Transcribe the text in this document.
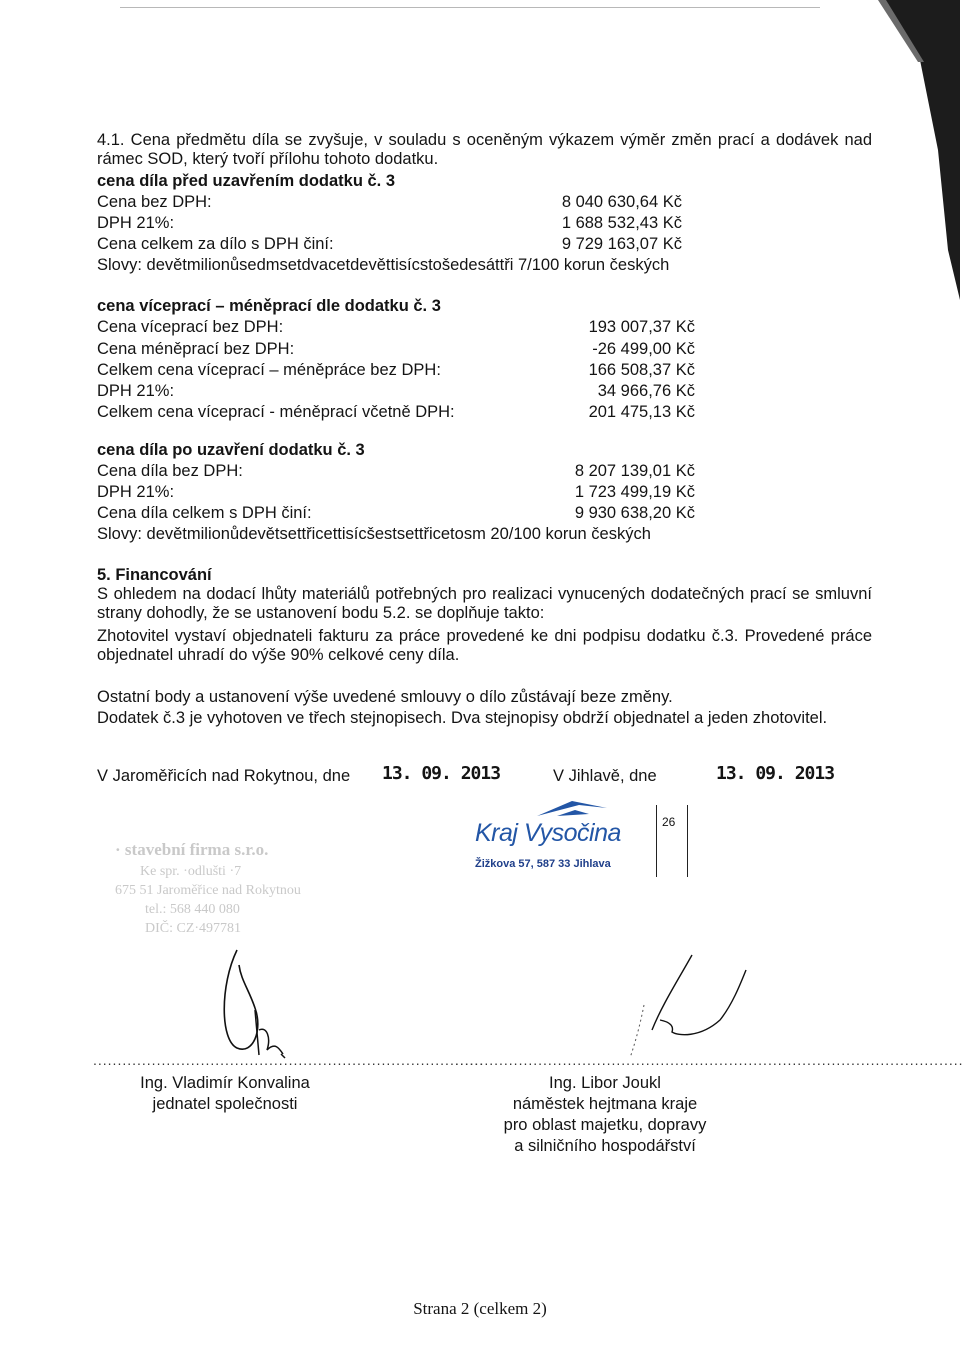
4.1. Cena předmětu díla se zvyšuje, v souladu s oceněným výkazem výměr změn prací a dodávek nad rámec SOD, který tvoří přílohu tohoto dodatku.
cena díla před uzavřením dodatku č. 3
Cena bez DPH:	8 040 630,64 Kč
DPH 21%:	1 688 532,43 Kč
Cena celkem za dílo s DPH činí:	9 729 163,07 Kč
Slovy: devětmilionůsedmsetdvacetdevěttisícstošedesáttři 7/100 korun českých
cena víceprací – méněprací dle dodatku č. 3
Cena víceprací bez DPH:	193 007,37 Kč
Cena méněprací bez DPH:	-26 499,00 Kč
Celkem cena víceprací – méněpráce bez DPH:	166 508,37 Kč
DPH 21%:	34 966,76 Kč
Celkem cena víceprací - méněprací včetně DPH:	201 475,13 Kč
cena díla po uzavření dodatku č. 3
Cena díla bez DPH:	8 207 139,01 Kč
DPH 21%:	1 723 499,19 Kč
Cena díla celkem s DPH činí:	9 930 638,20 Kč
Slovy: devětmilionůdevětsettřicettisícšestsettřicetosm 20/100 korun českých
5. Financování
S ohledem na dodací lhůty materiálů potřebných pro realizaci vynucených dodatečných prací se smluvní strany dohodly, že se ustanovení bodu 5.2. se doplňuje takto:
Zhotovitel vystaví objednateli fakturu za práce provedené ke dni podpisu dodatku č.3. Provedené práce objednatel uhradí do výše 90% celkové ceny díla.
Ostatní body a ustanovení výše uvedené smlouvy o dílo zůstávají beze změny.
Dodatek č.3 je vyhotoven ve třech stejnopisech. Dva stejnopisy obdrží objednatel a jeden zhotovitel.
V Jaroměřicích nad Rokytnou, dne 13. 09. 2013	V Jihlavě, dne	13. 09. 2013
· stavební firma s.r.o.
Ke spr. ·odlušti ·7
675 51 Jaroměřice nad Rokytnou
tel.: 568 440 080
DIČ: CZ·497781
Kraj Vysočina
Žižkova 57, 587 33 Jihlava
26
................................................................................
........................................................................................................
Ing. Vladimír Konvalina
jednatel společnosti
Ing. Libor Joukl
náměstek hejtmana kraje
pro oblast majetku, dopravy
a silničního hospodářství
Strana 2 (celkem 2)
